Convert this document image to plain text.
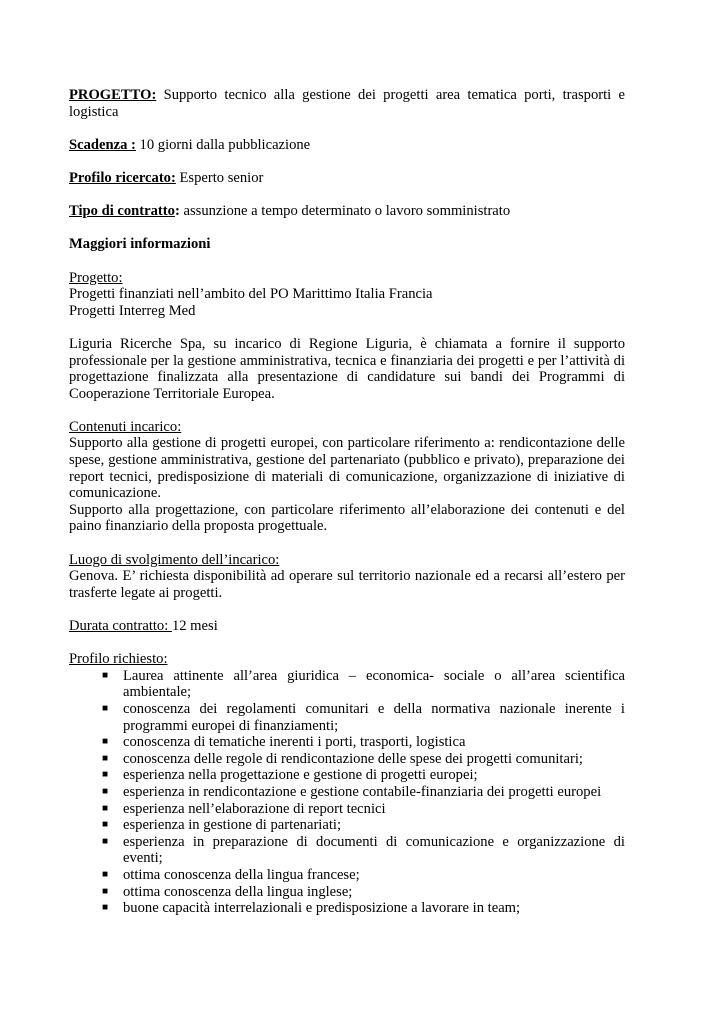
PROGETTO: Supporto tecnico alla gestione dei progetti area tematica porti, trasporti e logistica

Scadenza : 10 giorni dalla pubblicazione

Profilo ricercato: Esperto senior

Tipo di contratto: assunzione a tempo determinato o lavoro somministrato

Maggiori informazioni

Progetto:

Progetti finanziati nell’ambito del PO Marittimo Italia Francia

Progetti Interreg Med

Liguria Ricerche Spa, su incarico di Regione Liguria, è chiamata a fornire il supporto professionale per la gestione amministrativa, tecnica e finanziaria dei progetti e per l’attività di progettazione finalizzata alla presentazione di candidature sui bandi dei Programmi di Cooperazione Territoriale Europea.

Contenuti incarico:

Supporto alla gestione di progetti europei, con particolare riferimento a: rendicontazione delle spese, gestione amministrativa, gestione del partenariato (pubblico e privato), preparazione dei report tecnici, predisposizione di materiali di comunicazione, organizzazione di iniziative di comunicazione.

Supporto alla progettazione, con particolare riferimento all’elaborazione dei contenuti e del paino finanziario della proposta progettuale.

Luogo di svolgimento dell’incarico:

Genova. E’ richiesta disponibilità ad operare sul territorio nazionale ed a recarsi all’estero per trasferte legate ai progetti.

Durata contratto: 12 mesi

Profilo richiesto:

■ Laurea attinente all’area giuridica – economica- sociale o all’area scientifica ambientale;
■ conoscenza dei regolamenti comunitari e della normativa nazionale inerente i programmi europei di finanziamenti;
■ conoscenza di tematiche inerenti i porti, trasporti, logistica
■ conoscenza delle regole di rendicontazione delle spese dei progetti comunitari;
■ esperienza nella progettazione e gestione di progetti europei;
■ esperienza in rendicontazione e gestione contabile-finanziaria dei progetti europei
■ esperienza nell’elaborazione di report tecnici
■ esperienza in gestione di partenariati;
■ esperienza in preparazione di documenti di comunicazione e organizzazione di eventi;
■ ottima conoscenza della lingua francese;
■ ottima conoscenza della lingua inglese;
■ buone capacità interrelazionali e predisposizione a lavorare in team;
